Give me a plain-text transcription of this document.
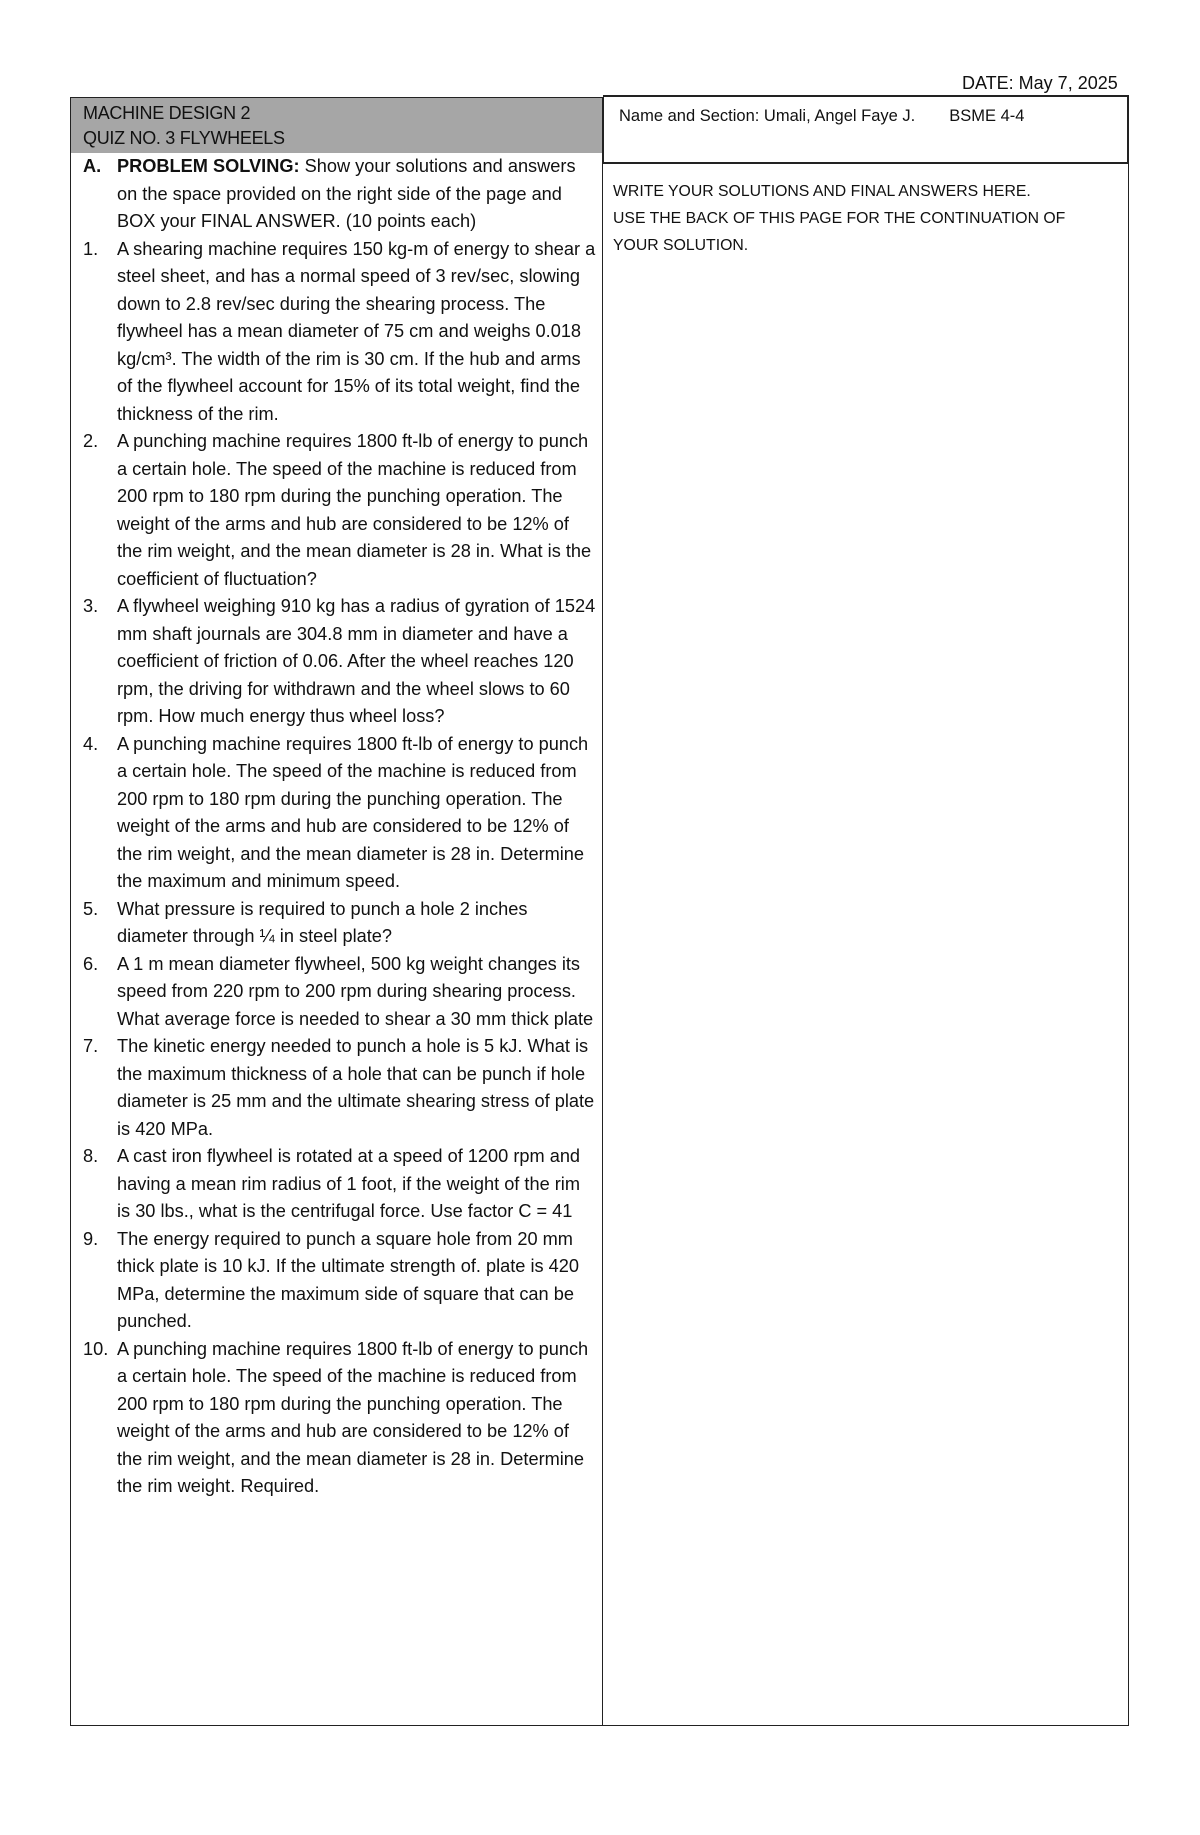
DATE: May 7, 2025
MACHINE DESIGN 2
QUIZ NO. 3 FLYWHEELS
A. PROBLEM SOLVING: Show your solutions and answers on the space provided on the right side of the page and BOX your FINAL ANSWER. (10 points each)
1.	A shearing machine requires 150 kg-m of energy to shear a steel sheet, and has a normal speed of 3 rev/sec, slowing down to 2.8 rev/sec during the shearing process. The flywheel has a mean diameter of 75 cm and weighs 0.018 kg/cm³. The width of the rim is 30 cm. If the hub and arms of the flywheel account for 15% of its total weight, find the thickness of the rim.
2.	A punching machine requires 1800 ft-lb of energy to punch a certain hole. The speed of the machine is reduced from 200 rpm to 180 rpm during the punching operation. The weight of the arms and hub are considered to be 12% of the rim weight, and the mean diameter is 28 in. What is the coefficient of fluctuation?
3.	A flywheel weighing 910 kg has a radius of gyration of 1524 mm shaft journals are 304.8 mm in diameter and have a coefficient of friction of 0.06. After the wheel reaches 120 rpm, the driving for withdrawn and the wheel slows to 60 rpm. How much energy thus wheel loss?
4.	A punching machine requires 1800 ft-lb of energy to punch a certain hole. The speed of the machine is reduced from 200 rpm to 180 rpm during the punching operation. The weight of the arms and hub are considered to be 12% of the rim weight, and the mean diameter is 28 in. Determine the maximum and minimum speed.
5.	What pressure is required to punch a hole 2 inches diameter through ¼ in steel plate?
6.	A 1 m mean diameter flywheel, 500 kg weight changes its speed from 220 rpm to 200 rpm during shearing process. What average force is needed to shear a 30 mm thick plate
7.	The kinetic energy needed to punch a hole is 5 kJ. What is the maximum thickness of a hole that can be punch if hole diameter is 25 mm and the ultimate shearing stress of plate is 420 MPa.
8.	A cast iron flywheel is rotated at a speed of 1200 rpm and having a mean rim radius of 1 foot, if the weight of the rim is 30 lbs., what is the centrifugal force. Use factor C = 41
9.	The energy required to punch a square hole from 20 mm thick plate is 10 kJ. If the ultimate strength of. plate is 420 MPa, determine the maximum side of square that can be punched.
10. A punching machine requires 1800 ft-lb of energy to punch a certain hole. The speed of the machine is reduced from 200 rpm to 180 rpm during the punching operation. The weight of the arms and hub are considered to be 12% of the rim weight, and the mean diameter is 28 in. Determine the rim weight. Required.
Name and Section: Umali, Angel Faye J. BSME 4-4
WRITE YOUR SOLUTIONS AND FINAL ANSWERS HERE.
USE THE BACK OF THIS PAGE FOR THE CONTINUATION OF
YOUR SOLUTION.
